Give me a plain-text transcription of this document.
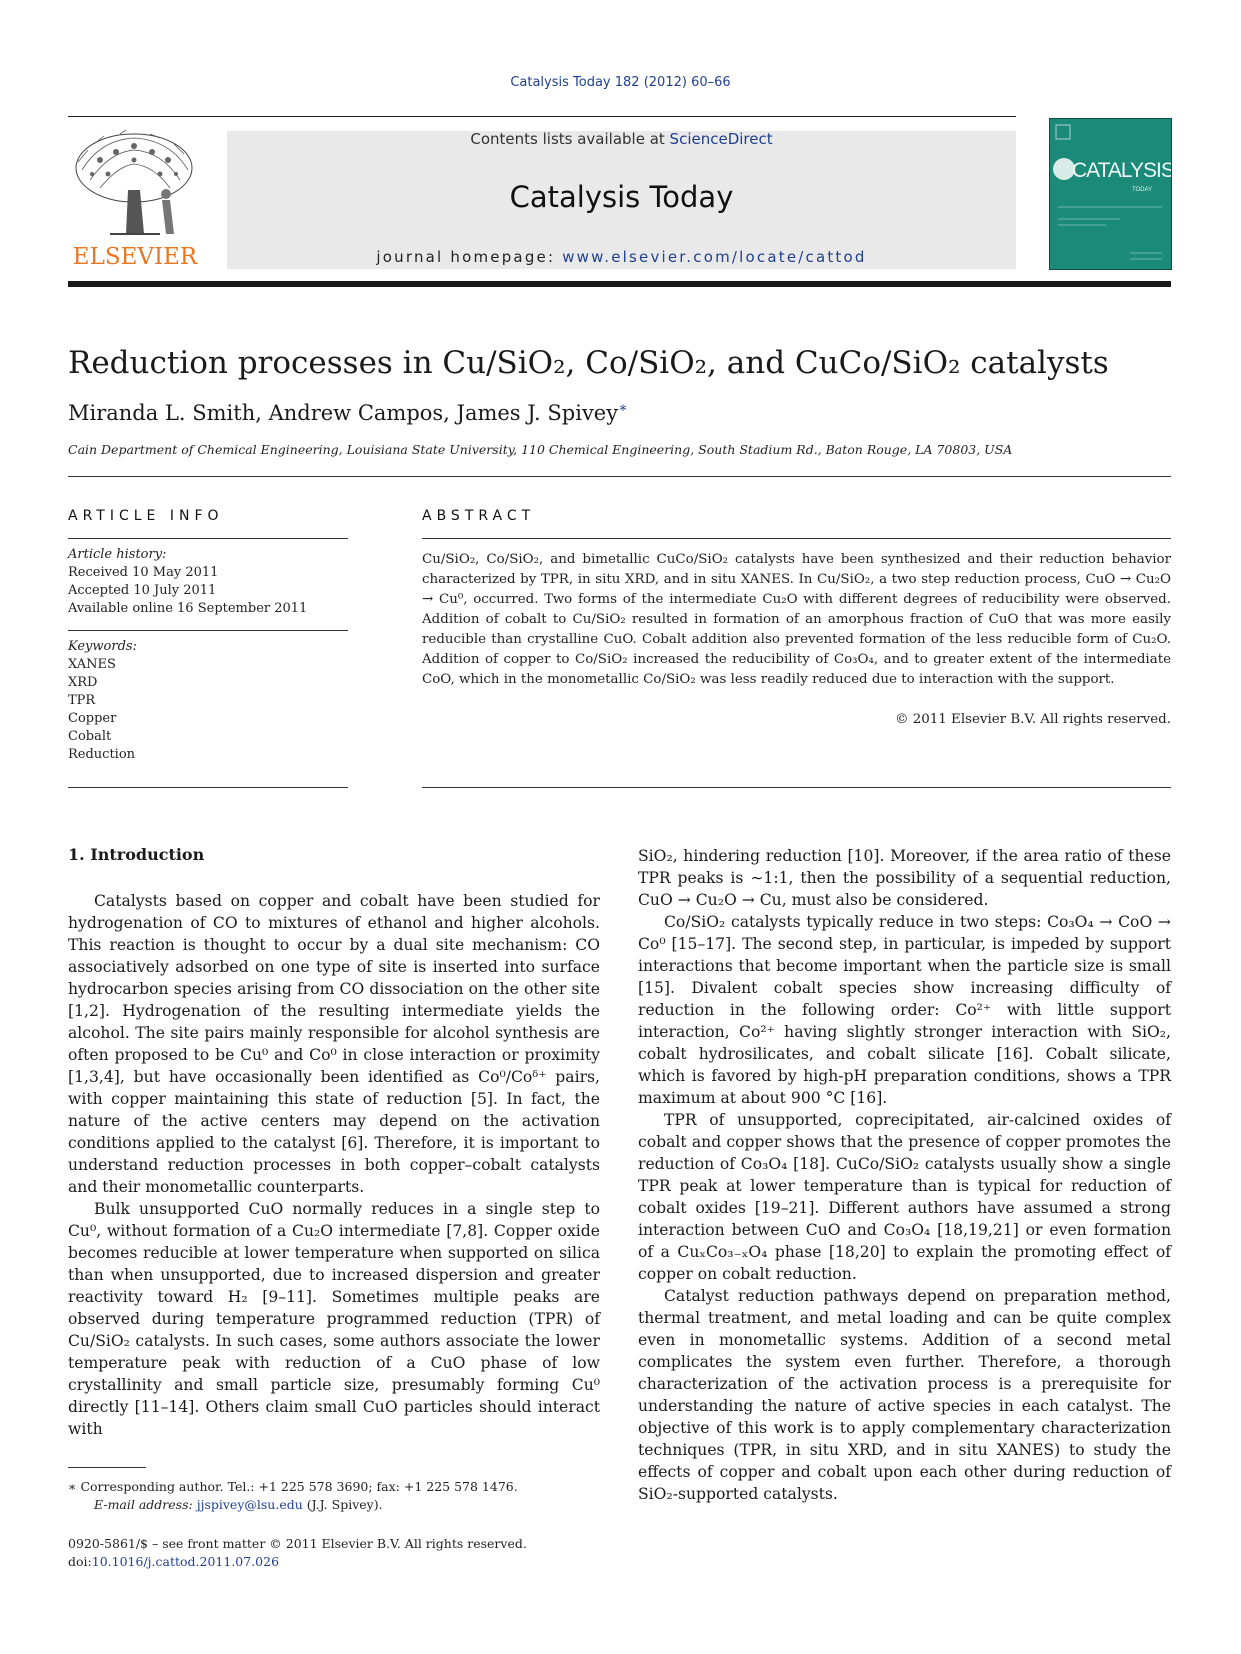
Catalysis Today 182 (2012) 60–66
ELSEVIER
Contents lists available at ScienceDirect
Catalysis Today
journal homepage: www.elsevier.com/locate/cattod
CATALYSIS
TODAY
Reduction processes in Cu/SiO₂, Co/SiO₂, and CuCo/SiO₂ catalysts
Miranda L. Smith, Andrew Campos, James J. Spivey∗
Cain Department of Chemical Engineering, Louisiana State University, 110 Chemical Engineering, South Stadium Rd., Baton Rouge, LA 70803, USA
ARTICLE INFO
Article history:
Received 10 May 2011
Accepted 10 July 2011
Available online 16 September 2011
Keywords:
XANES
XRD
TPR
Copper
Cobalt
Reduction
ABSTRACT
Cu/SiO₂, Co/SiO₂, and bimetallic CuCo/SiO₂ catalysts have been synthesized and their reduction behavior characterized by TPR, in situ XRD, and in situ XANES. In Cu/SiO₂, a two step reduction process, CuO → Cu₂O → Cu⁰, occurred. Two forms of the intermediate Cu₂O with different degrees of reducibility were observed. Addition of cobalt to Cu/SiO₂ resulted in formation of an amorphous fraction of CuO that was more easily reducible than crystalline CuO. Cobalt addition also prevented formation of the less reducible form of Cu₂O. Addition of copper to Co/SiO₂ increased the reducibility of Co₃O₄, and to greater extent of the intermediate CoO, which in the monometallic Co/SiO₂ was less readily reduced due to interaction with the support.
© 2011 Elsevier B.V. All rights reserved.
1. Introduction

Catalysts based on copper and cobalt have been studied for hydrogenation of CO to mixtures of ethanol and higher alcohols. This reaction is thought to occur by a dual site mechanism: CO associatively adsorbed on one type of site is inserted into surface hydrocarbon species arising from CO dissociation on the other site [1,2]. Hydrogenation of the resulting intermediate yields the alcohol. The site pairs mainly responsible for alcohol synthesis are often proposed to be Cu⁰ and Co⁰ in close interaction or proximity [1,3,4], but have occasionally been identified as Co⁰/Coᵟ⁺ pairs, with copper maintaining this state of reduction [5]. In fact, the nature of the active centers may depend on the activation conditions applied to the catalyst [6]. Therefore, it is important to understand reduction processes in both copper–cobalt catalysts and their monometallic counterparts.

Bulk unsupported CuO normally reduces in a single step to Cu⁰, without formation of a Cu₂O intermediate [7,8]. Copper oxide becomes reducible at lower temperature when supported on silica than when unsupported, due to increased dispersion and greater reactivity toward H₂ [9–11]. Sometimes multiple peaks are observed during temperature programmed reduction (TPR) of Cu/SiO₂ catalysts. In such cases, some authors associate the lower temperature peak with reduction of a CuO phase of low crystallinity and small particle size, presumably forming Cu⁰ directly [11–14]. Others claim small CuO particles should interact with

SiO₂, hindering reduction [10]. Moreover, if the area ratio of these TPR peaks is ∼1:1, then the possibility of a sequential reduction, CuO → Cu₂O → Cu, must also be considered.

Co/SiO₂ catalysts typically reduce in two steps: Co₃O₄ → CoO → Co⁰ [15–17]. The second step, in particular, is impeded by support interactions that become important when the particle size is small [15]. Divalent cobalt species show increasing difficulty of reduction in the following order: Co²⁺ with little support interaction, Co²⁺ having slightly stronger interaction with SiO₂, cobalt hydrosilicates, and cobalt silicate [16]. Cobalt silicate, which is favored by high-pH preparation conditions, shows a TPR maximum at about 900 °C [16].

TPR of unsupported, coprecipitated, air-calcined oxides of cobalt and copper shows that the presence of copper promotes the reduction of Co₃O₄ [18]. CuCo/SiO₂ catalysts usually show a single TPR peak at lower temperature than is typical for reduction of cobalt oxides [19–21]. Different authors have assumed a strong interaction between CuO and Co₃O₄ [18,19,21] or even formation of a CuₓCo₃₋ₓO₄ phase [18,20] to explain the promoting effect of copper on cobalt reduction.

Catalyst reduction pathways depend on preparation method, thermal treatment, and metal loading and can be quite complex even in monometallic systems. Addition of a second metal complicates the system even further. Therefore, a thorough characterization of the activation process is a prerequisite for understanding the nature of active species in each catalyst. The objective of this work is to apply complementary characterization techniques (TPR, in situ XRD, and in situ XANES) to study the effects of copper and cobalt upon each other during reduction of SiO₂-supported catalysts.

∗ Corresponding author. Tel.: +1 225 578 3690; fax: +1 225 578 1476.
E-mail address: jjspivey@lsu.edu (J.J. Spivey).
0920-5861/$ – see front matter © 2011 Elsevier B.V. All rights reserved.
doi:10.1016/j.cattod.2011.07.026
